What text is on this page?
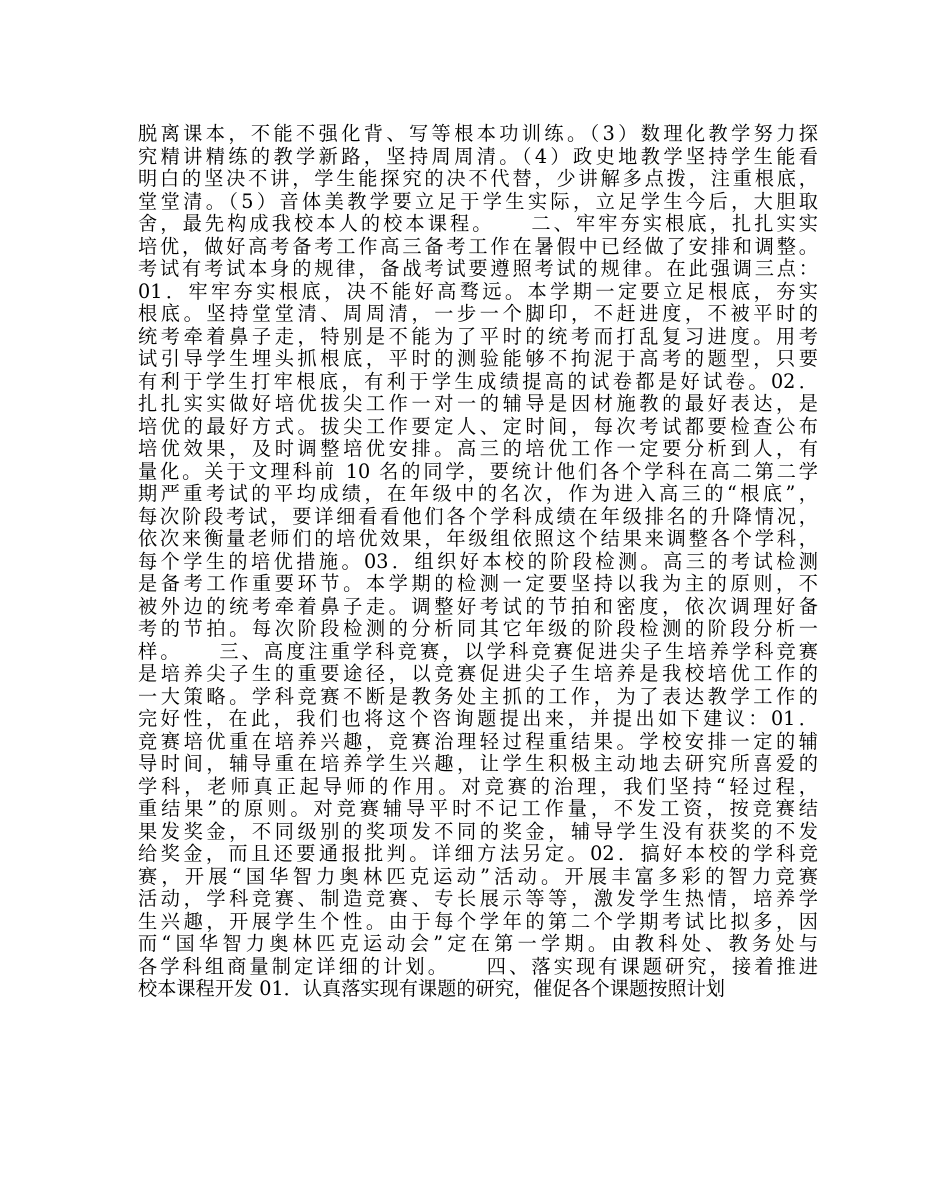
脱离课本，不能不强化背、写等根本功训练。（3）数理化教学努力探
究精讲精练的教学新路，坚持周周清。（4）政史地教学坚持学生能看
明白的坚决不讲，学生能探究的决不代替，少讲解多点拨，注重根底，
堂堂清。（5）音体美教学要立足于学生实际，立足学生今后，大胆取
舍，最先构成我校本人的校本课程。    二、牢牢夯实根底，扎扎实实
培优，做好高考备考工作高三备考工作在暑假中已经做了安排和调整。
考试有考试本身的规律，备战考试要遵照考试的规律。在此强调三点：
01．牢牢夯实根底，决不能好高骛远。本学期一定要立足根底，夯实
根底。坚持堂堂清、周周清，一步一个脚印，不赶进度，不被平时的
统考牵着鼻子走，特别是不能为了平时的统考而打乱复习进度。用考
试引导学生埋头抓根底，平时的测验能够不拘泥于高考的题型，只要
有利于学生打牢根底，有利于学生成绩提高的试卷都是好试卷。02．
扎扎实实做好培优拔尖工作一对一的辅导是因材施教的最好表达，是
培优的最好方式。拔尖工作要定人、定时间，每次考试都要检查公布
培优效果，及时调整培优安排。高三的培优工作一定要分析到人，有
量化。关于文理科前 10 名的同学，要统计他们各个学科在高二第二学
期严重考试的平均成绩，在年级中的名次，作为进入高三的“根底”，
每次阶段考试，要详细看看他们各个学科成绩在年级排名的升降情况，
依次来衡量老师们的培优效果，年级组依照这个结果来调整各个学科，
每个学生的培优措施。03．组织好本校的阶段检测。高三的考试检测
是备考工作重要环节。本学期的检测一定要坚持以我为主的原则，不
被外边的统考牵着鼻子走。调整好考试的节拍和密度，依次调理好备
考的节拍。每次阶段检测的分析同其它年级的阶段检测的阶段分析一
样。    三、高度注重学科竞赛，以学科竞赛促进尖子生培养学科竞赛
是培养尖子生的重要途径，以竞赛促进尖子生培养是我校培优工作的
一大策略。学科竞赛不断是教务处主抓的工作，为了表达教学工作的
完好性，在此，我们也将这个咨询题提出来，并提出如下建议：01．
竞赛培优重在培养兴趣，竞赛治理轻过程重结果。学校安排一定的辅
导时间，辅导重在培养学生兴趣，让学生积极主动地去研究所喜爱的
学科，老师真正起导师的作用。对竞赛的治理，我们坚持“轻过程，
重结果”的原则。对竞赛辅导平时不记工作量，不发工资，按竞赛结
果发奖金，不同级别的奖项发不同的奖金，辅导学生没有获奖的不发
给奖金，而且还要通报批判。详细方法另定。02．搞好本校的学科竞
赛，开展“国华智力奥林匹克运动”活动。开展丰富多彩的智力竞赛
活动，学科竞赛、制造竞赛、专长展示等等，激发学生热情，培养学
生兴趣，开展学生个性。由于每个学年的第二个学期考试比拟多，因
而“国华智力奥林匹克运动会”定在第一学期。由教科处、教务处与
各学科组商量制定详细的计划。    四、落实现有课题研究，接着推进
校本课程开发 01．认真落实现有课题的研究，催促各个课题按照计划
